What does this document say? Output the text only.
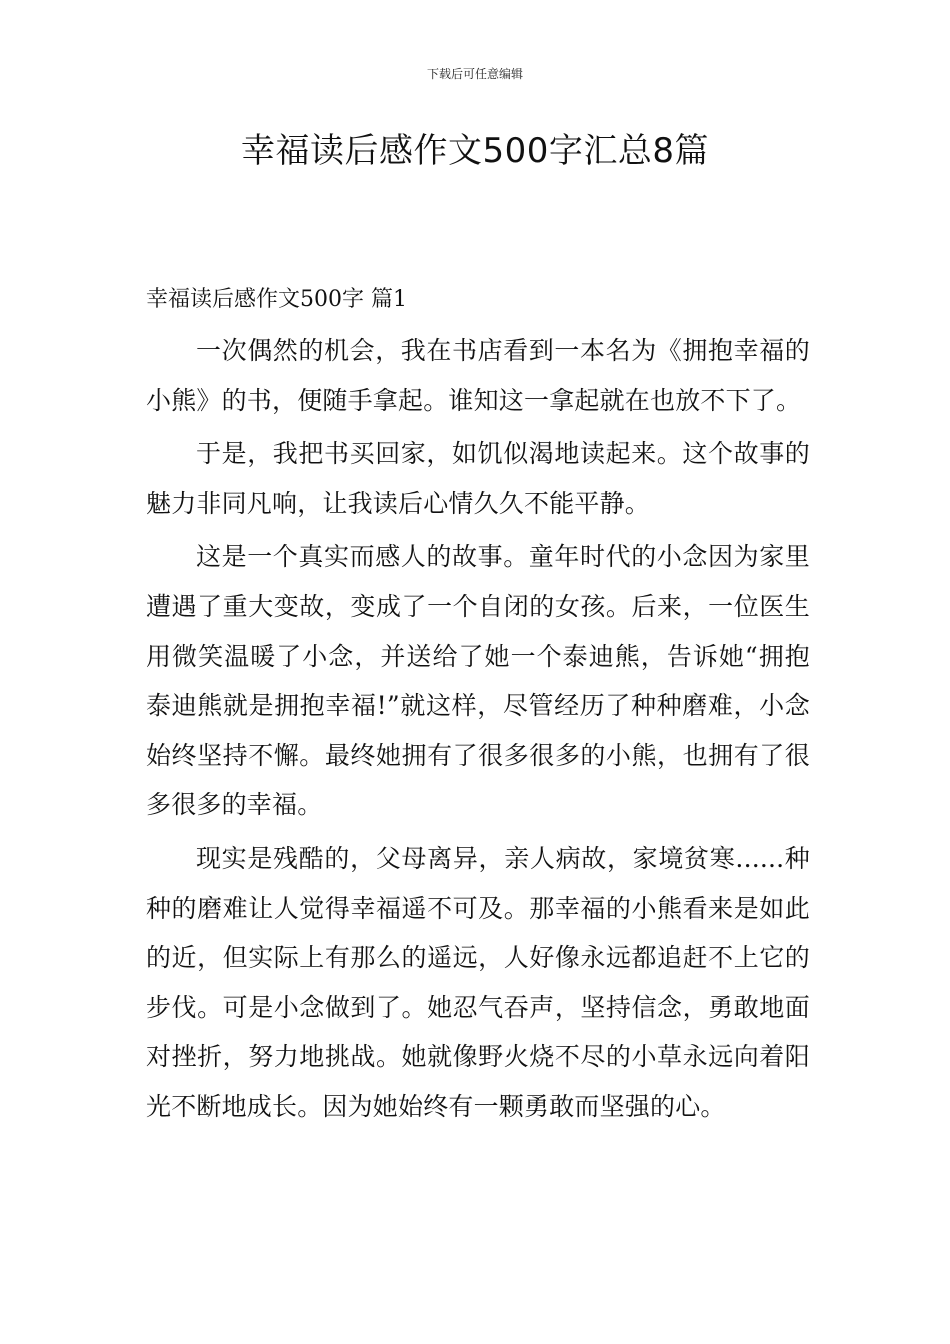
下载后可任意编辑
幸福读后感作文500字汇总8篇
幸福读后感作文500字 篇1

一次偶然的机会，我在书店看到一本名为《拥抱幸福的小熊》的书，便随手拿起。谁知这一拿起就在也放不下了。

于是，我把书买回家，如饥似渴地读起来。这个故事的魅力非同凡响，让我读后心情久久不能平静。

这是一个真实而感人的故事。童年时代的小念因为家里遭遇了重大变故，变成了一个自闭的女孩。后来，一位医生用微笑温暖了小念，并送给了她一个泰迪熊，告诉她“拥抱泰迪熊就是拥抱幸福!”就这样，尽管经历了种种磨难，小念始终坚持不懈。最终她拥有了很多很多的小熊，也拥有了很多很多的幸福。

现实是残酷的，父母离异，亲人病故，家境贫寒......种种的磨难让人觉得幸福遥不可及。那幸福的小熊看来是如此的近，但实际上有那么的遥远，人好像永远都追赶不上它的步伐。可是小念做到了。她忍气吞声，坚持信念，勇敢地面对挫折，努力地挑战。她就像野火烧不尽的小草永远向着阳光不断地成长。因为她始终有一颗勇敢而坚强的心。
